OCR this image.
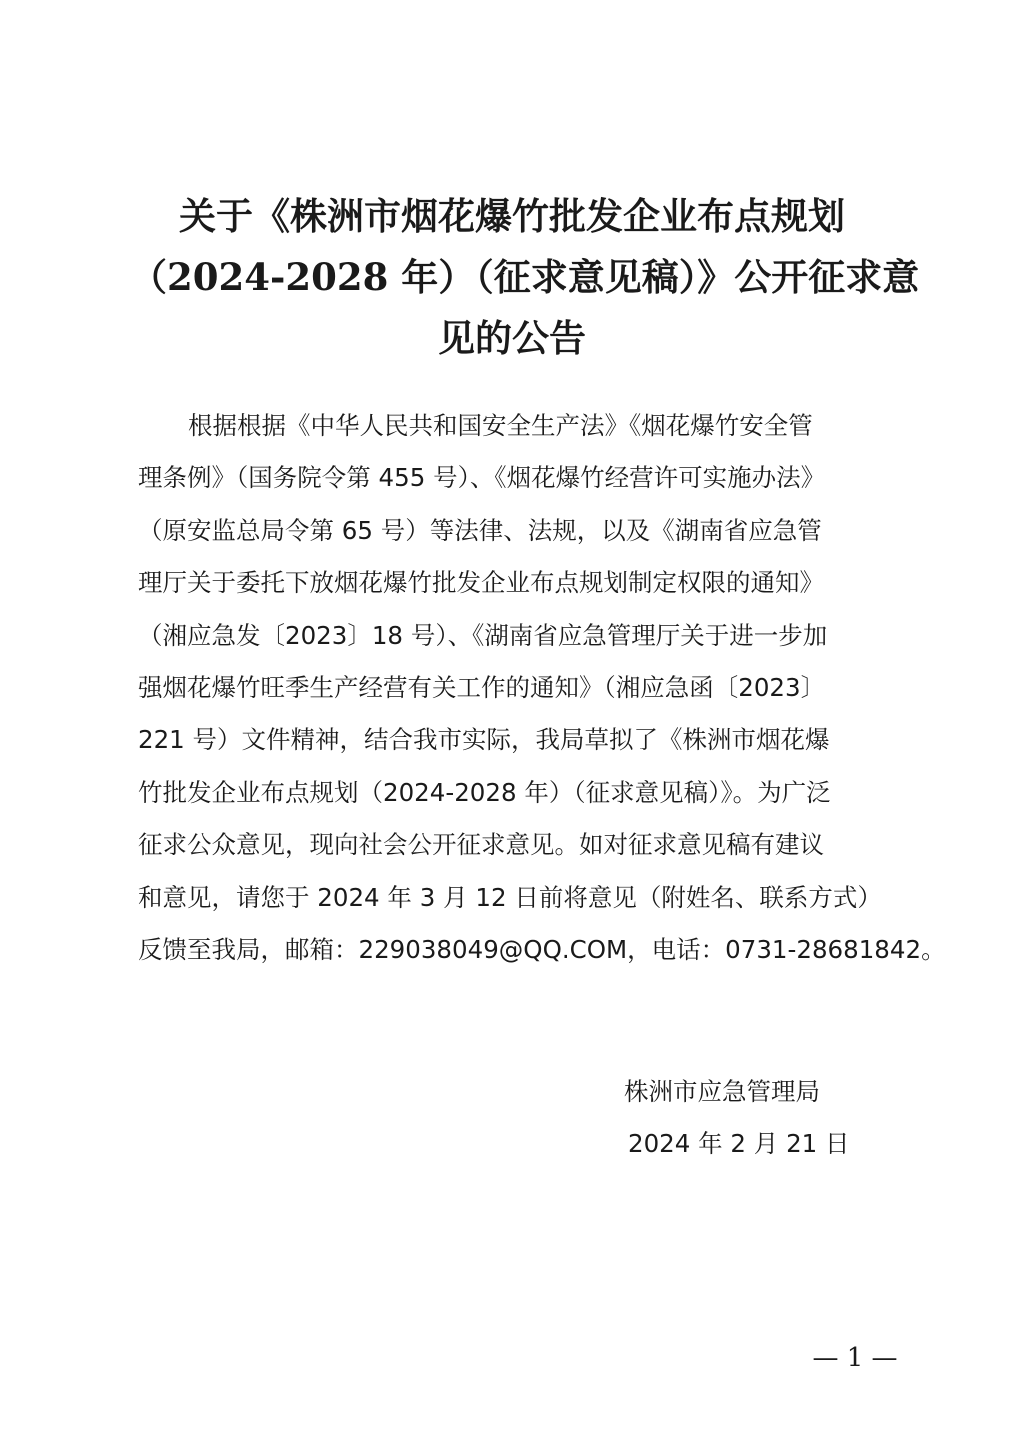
关于《株洲市烟花爆竹批发企业布点规划
（2024-2028 年）（征求意见稿）》公开征求意
见的公告
根据根据《中华人民共和国安全生产法》《烟花爆竹安全管
理条例》（国务院令第 455 号）、《烟花爆竹经营许可实施办法》
（原安监总局令第 65 号）等法律、法规，以及《湖南省应急管
理厅关于委托下放烟花爆竹批发企业布点规划制定权限的通知》
（湘应急发〔2023〕18 号）、《湖南省应急管理厅关于进一步加
强烟花爆竹旺季生产经营有关工作的通知》（湘应急函〔2023〕
221 号）文件精神，结合我市实际，我局草拟了《株洲市烟花爆
竹批发企业布点规划（2024-2028 年）（征求意见稿）》。为广泛
征求公众意见，现向社会公开征求意见。如对征求意见稿有建议
和意见，请您于 2024 年 3 月 12 日前将意见（附姓名、联系方式）
反馈至我局，邮箱：229038049@QQ.COM，电话：0731-28681842。
株洲市应急管理局
2024 年 2 月 21 日
— 1 —
